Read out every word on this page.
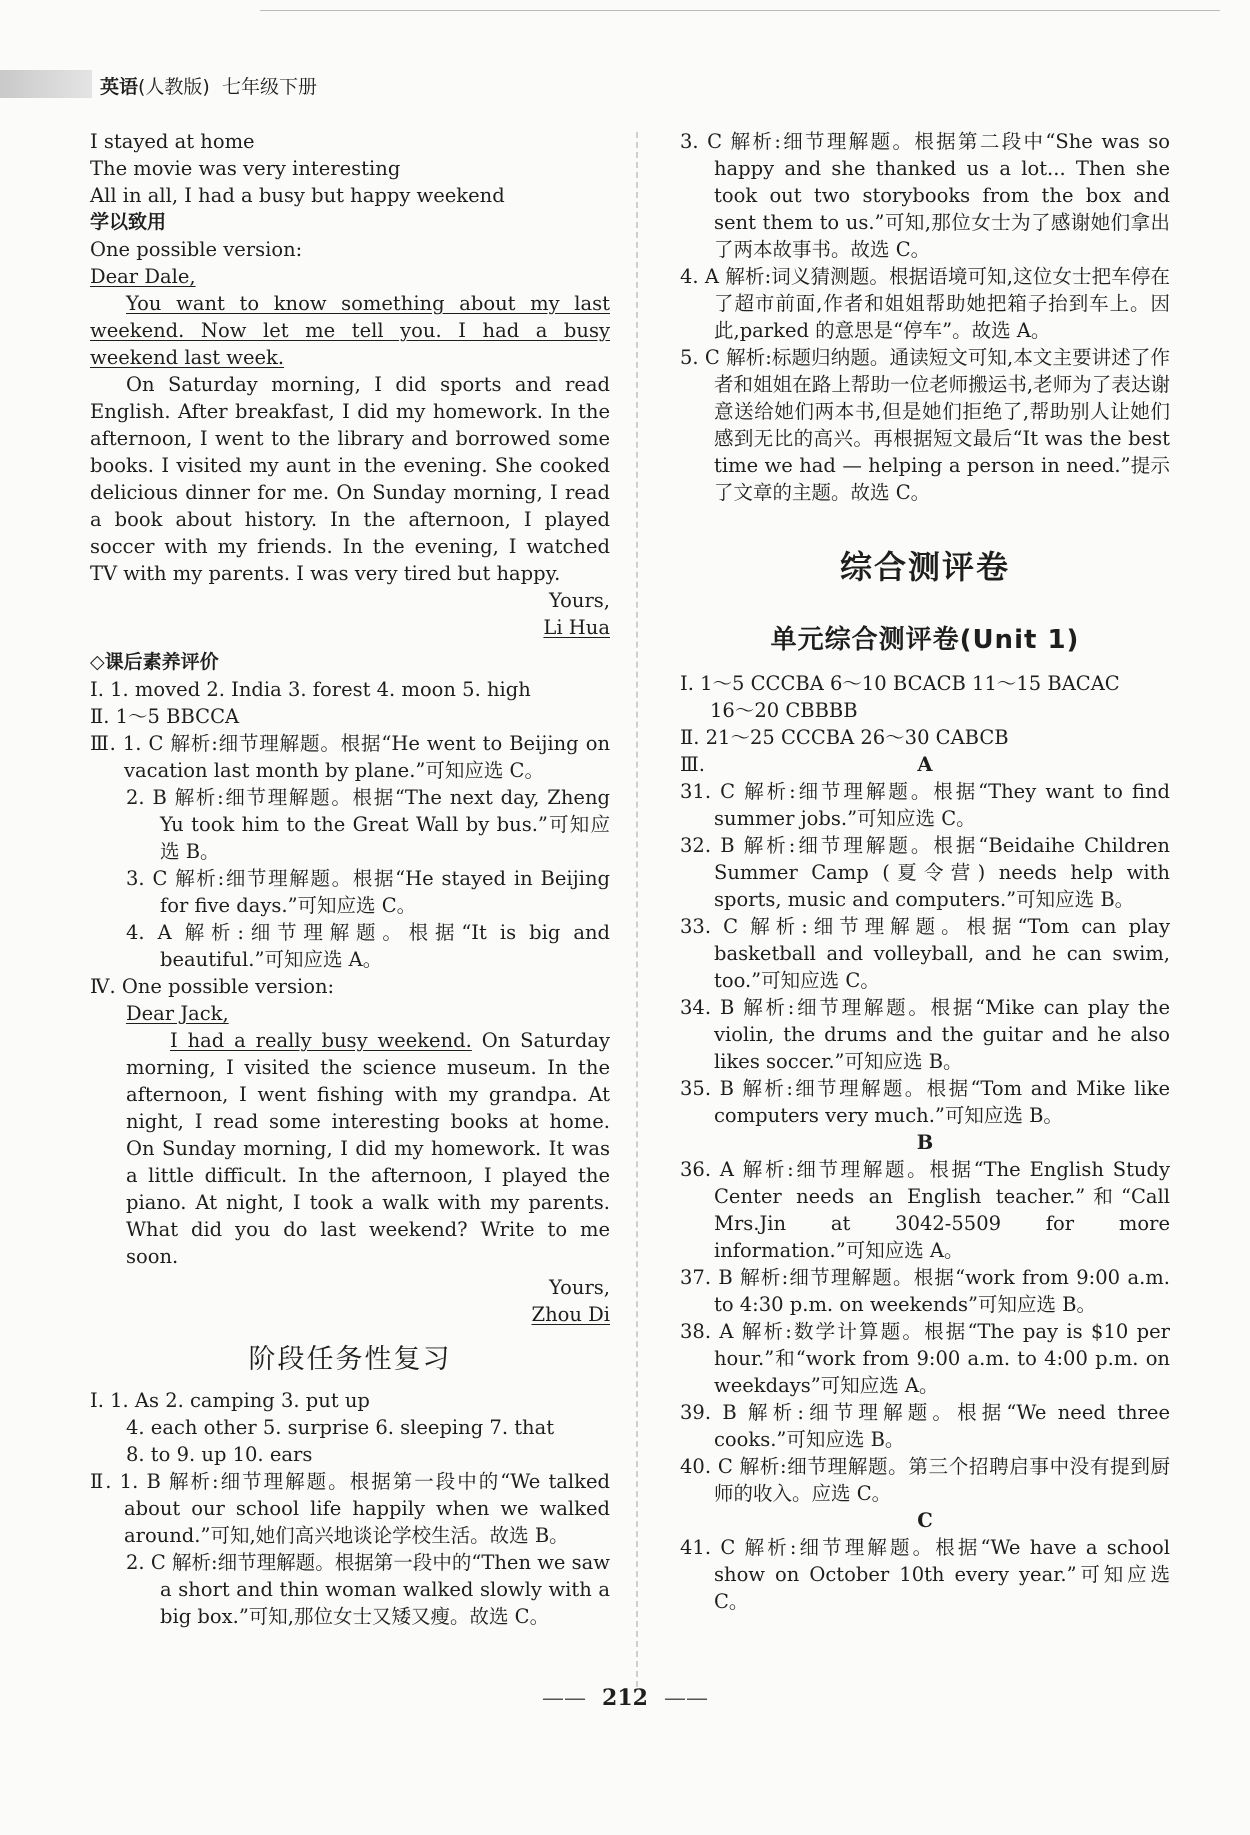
英语(人教版) 七年级下册

I stayed at home

The movie was very interesting

All in all, I had a busy but happy weekend

学以致用

One possible version:

Dear Dale,

You want to know something about my last weekend. Now let me tell you. I had a busy weekend last week.

On Saturday morning, I did sports and read English. After breakfast, I did my homework. In the afternoon, I went to the library and borrowed some books. I visited my aunt in the evening. She cooked delicious dinner for me. On Sunday morning, I read a book about history. In the afternoon, I played soccer with my friends. In the evening, I watched TV with my parents. I was very tired but happy.

Yours,

Li Hua

◇课后素养评价

Ⅰ. 1. moved 2. India 3. forest 4. moon 5. high

Ⅱ. 1～5 BBCCA

Ⅲ. 1. C 解析:细节理解题。根据“He went to Beijing on vacation last month by plane.”可知应选 C。

2. B 解析:细节理解题。根据“The next day, Zheng Yu took him to the Great Wall by bus.”可知应选 B。

3. C 解析:细节理解题。根据“He stayed in Beijing for five days.”可知应选 C。

4. A 解析:细节理解题。根据“It is big and beautiful.”可知应选 A。

Ⅳ. One possible version:

Dear Jack,

I had a really busy weekend. On Saturday morning, I visited the science museum. In the afternoon, I went fishing with my grandpa. At night, I read some interesting books at home. On Sunday morning, I did my homework. It was a little difficult. In the afternoon, I played the piano. At night, I took a walk with my parents. What did you do last weekend? Write to me soon.

Yours,

Zhou Di

阶段任务性复习

Ⅰ. 1. As 2. camping 3. put up

4. each other 5. surprise 6. sleeping 7. that

8. to 9. up 10. ears

Ⅱ. 1. B 解析:细节理解题。根据第一段中的“We talked about our school life happily when we walked around.”可知,她们高兴地谈论学校生活。故选 B。

2. C 解析:细节理解题。根据第一段中的“Then we saw a short and thin woman walked slowly with a big box.”可知,那位女士又矮又瘦。故选 C。

3. C 解析:细节理解题。根据第二段中“She was so happy and she thanked us a lot... Then she took out two storybooks from the box and sent them to us.”可知,那位女士为了感谢她们拿出了两本故事书。故选 C。

4. A 解析:词义猜测题。根据语境可知,这位女士把车停在了超市前面,作者和姐姐帮助她把箱子抬到车上。因此,parked 的意思是“停车”。故选 A。

5. C 解析:标题归纳题。通读短文可知,本文主要讲述了作者和姐姐在路上帮助一位老师搬运书,老师为了表达谢意送给她们两本书,但是她们拒绝了,帮助别人让她们感到无比的高兴。再根据短文最后“It was the best time we had — helping a person in need.”提示了文章的主题。故选 C。

综合测评卷

单元综合测评卷(Unit 1)

Ⅰ. 1～5 CCCBA 6～10 BCACB 11～15 BACAC

16～20 CBBBB

Ⅱ. 21～25 CCCBA 26～30 CABCB

Ⅲ.	A

31. C 解析:细节理解题。根据“They want to find summer jobs.”可知应选 C。

32. B 解析:细节理解题。根据“Beidaihe Children Summer Camp (夏令营) needs help with sports, music and computers.”可知应选 B。

33. C 解析:细节理解题。根据“Tom can play basketball and volleyball, and he can swim, too.”可知应选 C。

34. B 解析:细节理解题。根据“Mike can play the violin, the drums and the guitar and he also likes soccer.”可知应选 B。

35. B 解析:细节理解题。根据“Tom and Mike like computers very much.”可知应选 B。

B

36. A 解析:细节理解题。根据“The English Study Center needs an English teacher.”和“Call Mrs.Jin at 3042-5509 for more information.”可知应选 A。

37. B 解析:细节理解题。根据“work from 9:00 a.m. to 4:30 p.m. on weekends”可知应选 B。

38. A 解析:数学计算题。根据“The pay is $10 per hour.”和“work from 9:00 a.m. to 4:00 p.m. on weekdays”可知应选 A。

39. B 解析:细节理解题。根据“We need three cooks.”可知应选 B。

40. C 解析:细节理解题。第三个招聘启事中没有提到厨师的收入。应选 C。

C

41. C 解析:细节理解题。根据“We have a school show on October 10th every year.”可知应选 C。

—— 212 ——
